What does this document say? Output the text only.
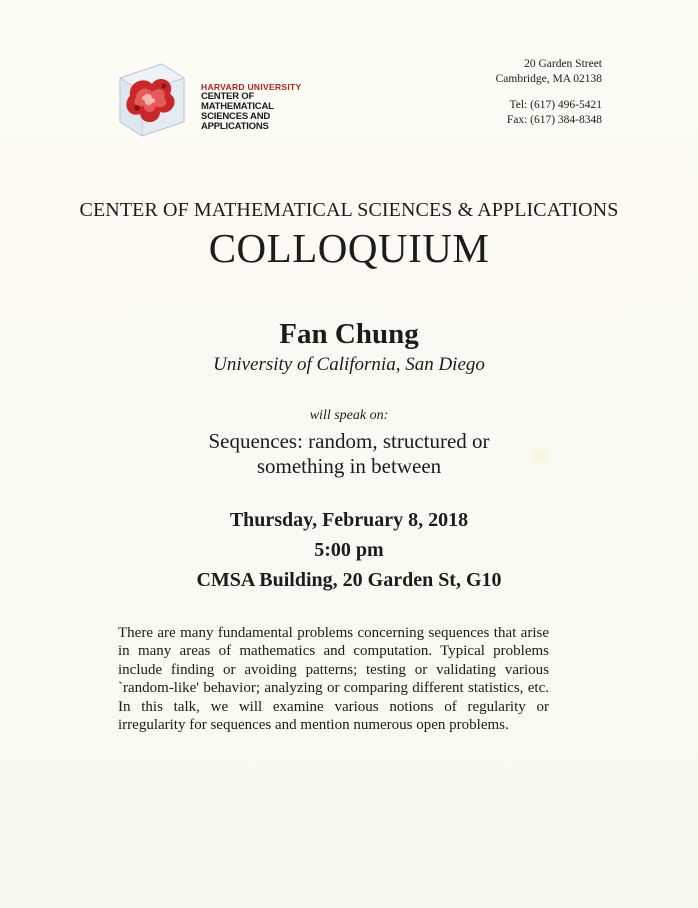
HARVARD UNIVERSITY
CENTER OF MATHEMATICAL
SCIENCES AND APPLICATIONS
20 Garden Street
Cambridge, MA 02138
Tel: (617) 496-5421
Fax: (617) 384-8348
CENTER OF MATHEMATICAL SCIENCES & APPLICATIONS
COLLOQUIUM
Fan Chung
University of California, San Diego
will speak on:
Sequences: random, structured or
something in between
Thursday, February 8, 2018
5:00 pm
CMSA Building, 20 Garden St, G10
There are many fundamental problems concerning sequences that arise in many areas of mathematics and computation. Typical problems include finding or avoiding patterns; testing or validating various `random-like' behavior; analyzing or comparing different statistics, etc. In this talk, we will examine various notions of regularity or irregularity for sequences and mention numerous open problems.
